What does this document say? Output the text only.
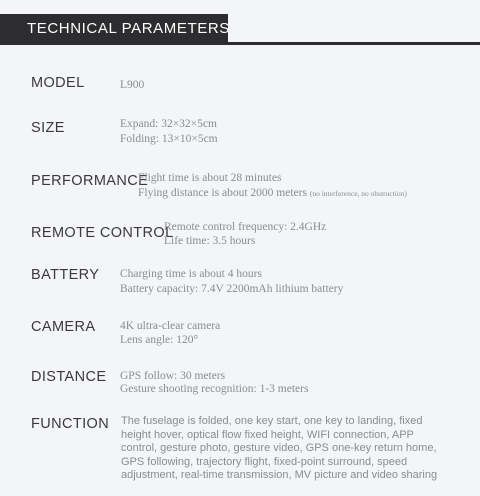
TECHNICAL PARAMETERS
MODEL	L900
SIZE	Expand: 32×32×5cm
Folding: 13×10×5cm
PERFORMANCE
Flight time is about 28 minutes
Flying distance is about 2000 meters (no interference, no obstruction)
REMOTE CONTROL
Remote control frequency: 2.4GHz
Life time: 3.5 hours
BATTERY Charging time is about 4 hours
Battery capacity: 7.4V 2200mAh lithium battery
CAMERA 4K ultra-clear camera
Lens angle: 120°
DISTANCE GPS follow: 30 meters
Gesture shooting recognition: 1-3 meters
FUNCTION The fuselage is folded, one key start, one key to landing, fixed height hover, optical flow fixed height, WIFI connection, APP control, gesture photo, gesture video, GPS one-key return home, GPS following, trajectory flight, fixed-point surround, speed adjustment, real-time transmission, MV picture and video sharing
